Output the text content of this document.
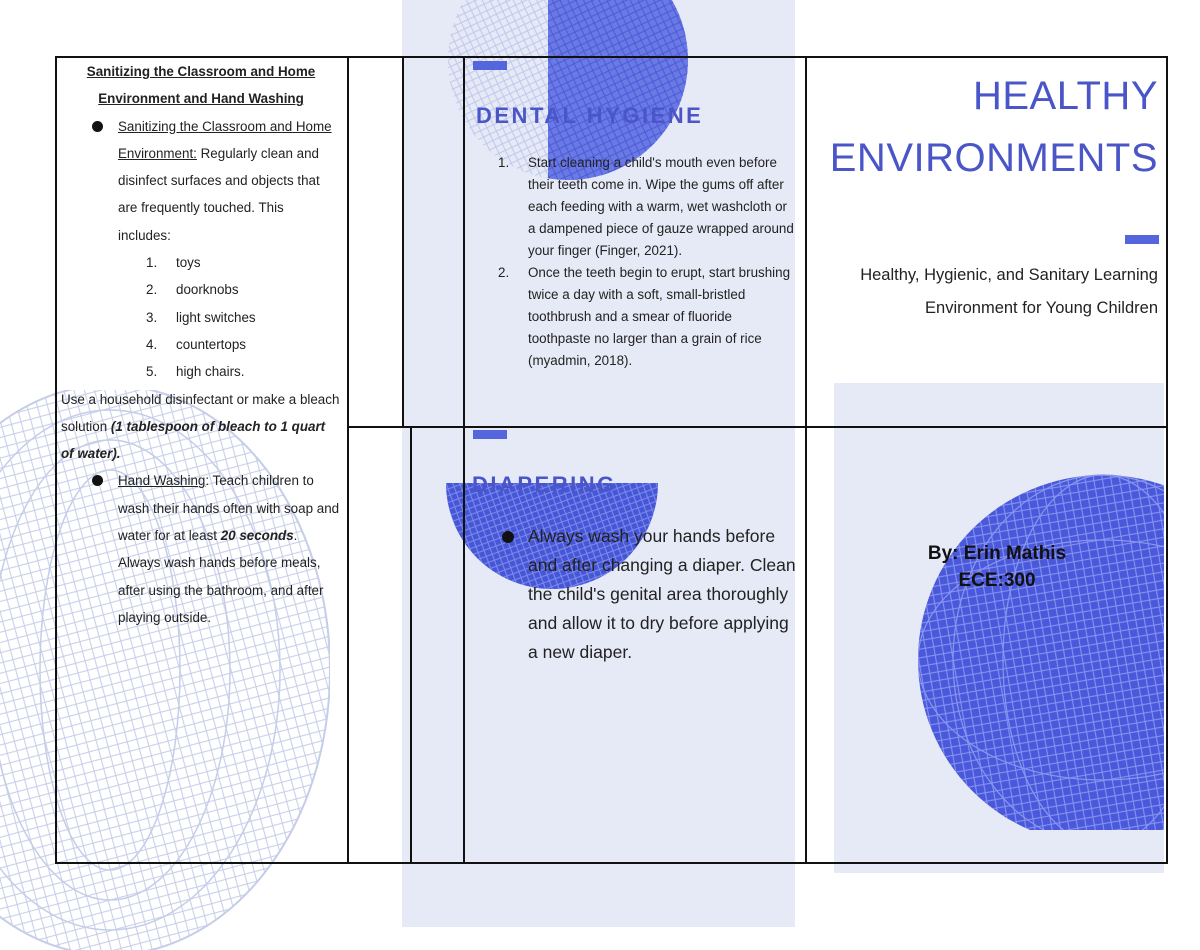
Sanitizing the Classroom and Home Environment and Hand Washing
Sanitizing the Classroom and Home Environment: Regularly clean and disinfect surfaces and objects that are frequently touched. This includes:
1. toys
2. doorknobs
3. light switches
4. countertops
5. high chairs.
Use a household disinfectant or make a bleach solution (1 tablespoon of bleach to 1 quart of water).
Hand Washing: Teach children to wash their hands often with soap and water for at least 20 seconds. Always wash hands before meals, after using the bathroom, and after playing outside.
DENTAL HYGIENE
1. Start cleaning a child's mouth even before their teeth come in. Wipe the gums off after each feeding with a warm, wet washcloth or a dampened piece of gauze wrapped around your finger (Finger, 2021).
2. Once the teeth begin to erupt, start brushing twice a day with a soft, small-bristled toothbrush and a smear of fluoride toothpaste no larger than a grain of rice (myadmin, 2018).
DIAPERING
Always wash your hands before and after changing a diaper. Clean the child's genital area thoroughly and allow it to dry before applying a new diaper.
HEALTHY
ENVIRONMENTS
Healthy, Hygienic, and Sanitary Learning Environment for Young Children
By: Erin Mathis
ECE:300
